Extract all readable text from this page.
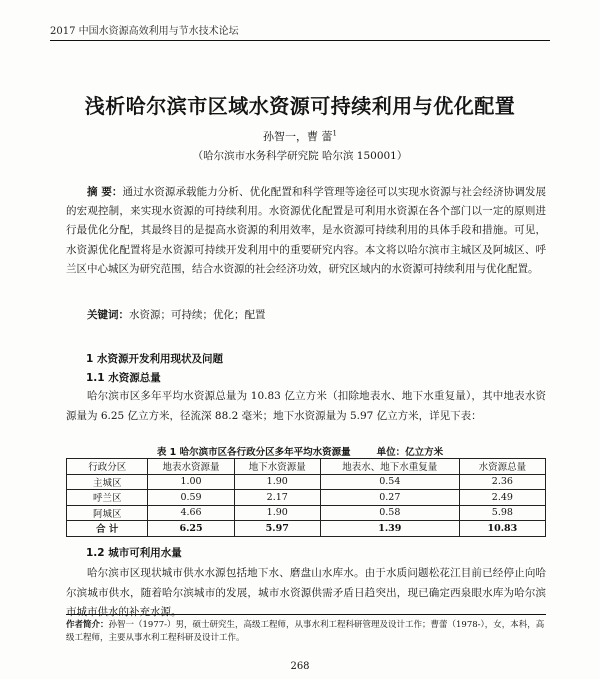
2017 中国水资源高效利用与节水技术论坛
浅析哈尔滨市区域水资源可持续利用与优化配置
孙智一，曹 蕾$^1$
（哈尔滨市水务科学研究院 哈尔滨 150001）
摘 要：通过水资源承载能力分析、优化配置和科学管理等途径可以实现水资源与社会经济协调发展的宏观控制，来实现水资源的可持续利用。水资源优化配置是可利用水资源在各个部门以一定的原则进行最优化分配，其最终目的是提高水资源的利用效率，是水资源可持续利用的具体手段和措施。可见，水资源优化配置将是水资源可持续开发利用中的重要研究内容。本文将以哈尔滨市主城区及阿城区、呼兰区中心城区为研究范围，结合水资源的社会经济功效，研究区域内的水资源可持续利用与优化配置。
关键词：水资源；可持续；优化；配置
1 水资源开发利用现状及问题
1.1 水资源总量
哈尔滨市区多年平均水资源总量为 10.83 亿立方米（扣除地表水、地下水重复量），其中地表水资源量为 6.25 亿立方米，径流深 88.2 毫米；地下水资源量为 5.97 亿立方米，详见下表：
表 1 哈尔滨市区各行政分区多年平均水资源量	单位：亿立方米
行政分区	地表水资源量	地下水资源量	地表水、地下水重复量	水资源总量
主城区	1.00	1.90	0.54	2.36
呼兰区	0.59	2.17	0.27	2.49
阿城区	4.66	1.90	0.58	5.98
合 计	6.25	5.97	1.39	10.83
1.2 城市可利用水量
哈尔滨市区现状城市供水水源包括地下水、磨盘山水库水。由于水质问题松花江目前已经停止向哈尔滨城市供水，随着哈尔滨城市的发展，城市水资源供需矛盾日趋突出，现已确定西泉眼水库为哈尔滨市城市供水的补充水源。
作者简介：孙智一（1977-）男，硕士研究生，高级工程师，从事水利工程科研管理及设计工作；曹蕾（1978-），女，本科，高级工程师，主要从事水利工程科研及设计工作。
268
